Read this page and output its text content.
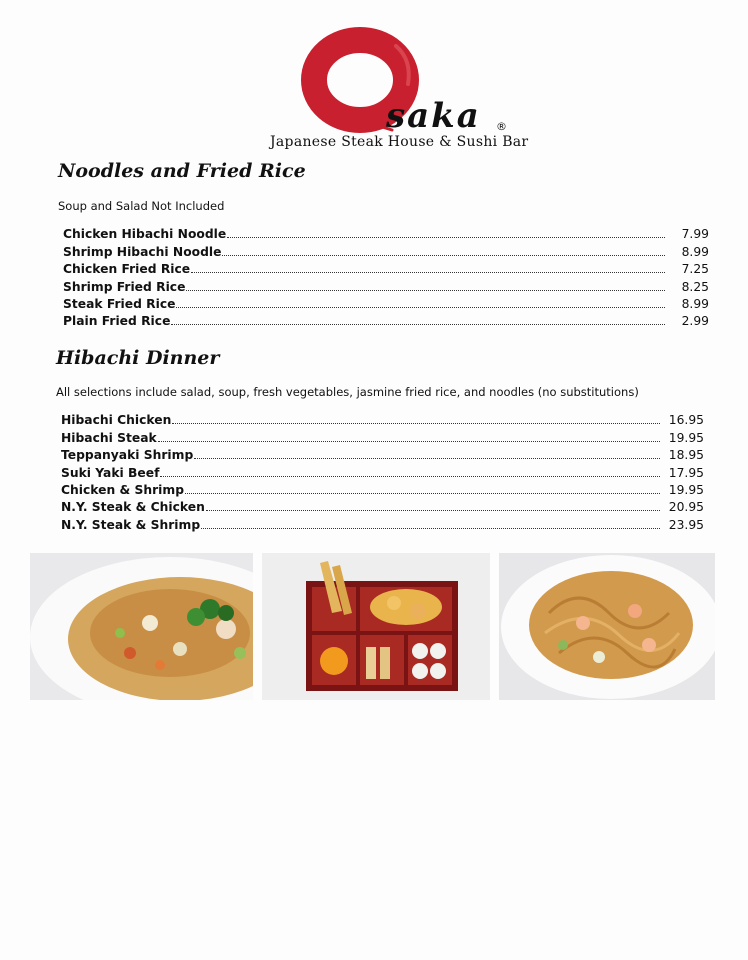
saka ®
Japanese Steak House & Sushi Bar
Noodles and Fried Rice
Soup and Salad Not Included
Chicken Hibachi Noodle	7.99
Shrimp Hibachi Noodle	8.99
Chicken Fried Rice	7.25
Shrimp Fried Rice	8.25
Steak Fried Rice	8.99
Plain Fried Rice	2.99
Hibachi Dinner
All selections include salad, soup, fresh vegetables, jasmine fried rice, and noodles (no substitutions)
Hibachi Chicken	16.95
Hibachi Steak	19.95
Teppanyaki Shrimp	18.95
Suki Yaki Beef	17.95
Chicken & Shrimp	19.95
N.Y. Steak & Chicken	20.95
N.Y. Steak & Shrimp	23.95
